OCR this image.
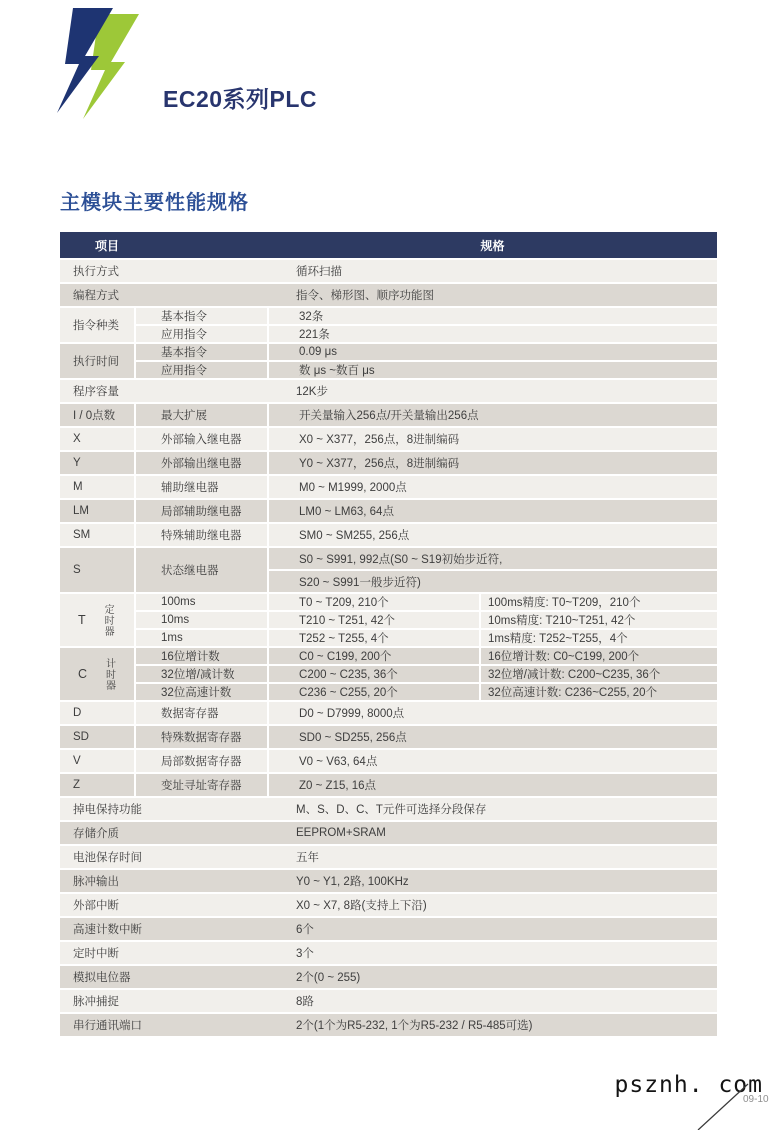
EC20系列PLC
主模块主要性能规格
项目		规格	
执行方式		循环扫描	
编程方式		指令、梯形图、顺序功能图	
指令种类	基本指令	32条	
	应用指令	221条	
执行时间	基本指令	0.09 μs	
	应用指令	数 μs ~数百 μs	
程序容量		12K步	
I / 0点数	最大扩展	开关量输入256点/开关量输出256点	
X	外部输入继电器	X0 ~ X377，256点，8进制编码	
Y	外部输出继电器	Y0 ~ X377，256点，8进制编码	
M	辅助继电器	M0 ~ M1999, 2000点	
LM	局部辅助继电器	LM0 ~ LM63, 64点	
SM	特殊辅助继电器	SM0 ~ SM255, 256点	
S	状态继电器	S0 ~ S991, 992点(S0 ~ S19初始步近符,	
		S20 ~ S991一般步近符)	

T 定时器	100ms	T0 ~ T209, 210个	100ms精度: T0~T209，210个
	10ms	T210 ~ T251, 42个	10ms精度: T210~T251, 42个
	1ms	T252 ~ T255, 4个	1ms精度: T252~T255，4个

C 计时器	16位增计数	C0 ~ C199, 200个	16位增计数: C0~C199, 200个
	32位增/减计数	C200 ~ C235, 36个	32位增/减计数: C200~C235, 36个
	32位高速计数	C236 ~ C255, 20个	32位高速计数: C236~C255, 20个
D	数据寄存器	D0 ~ D7999, 8000点	
SD	特殊数据寄存器	SD0 ~ SD255, 256点	
V	局部数据寄存器	V0 ~ V63, 64点	
Z	变址寻址寄存器	Z0 ~ Z15, 16点	
掉电保持功能		M、S、D、C、T元件可选择分段保存	
存储介质		EEPROM+SRAM	
电池保存时间		五年	
脉冲输出		Y0 ~ Y1, 2路, 100KHz	
外部中断		X0 ~ X7, 8路(支持上下沿)	
高速计数中断		6个	
定时中断		3个	
模拟电位器		2个(0 ~ 255)	
脉冲捕捉		8路	
串行通讯端口		2个(1个为R5-232, 1个为R5-232 / R5-485可选)	
psznh. com
09-10
